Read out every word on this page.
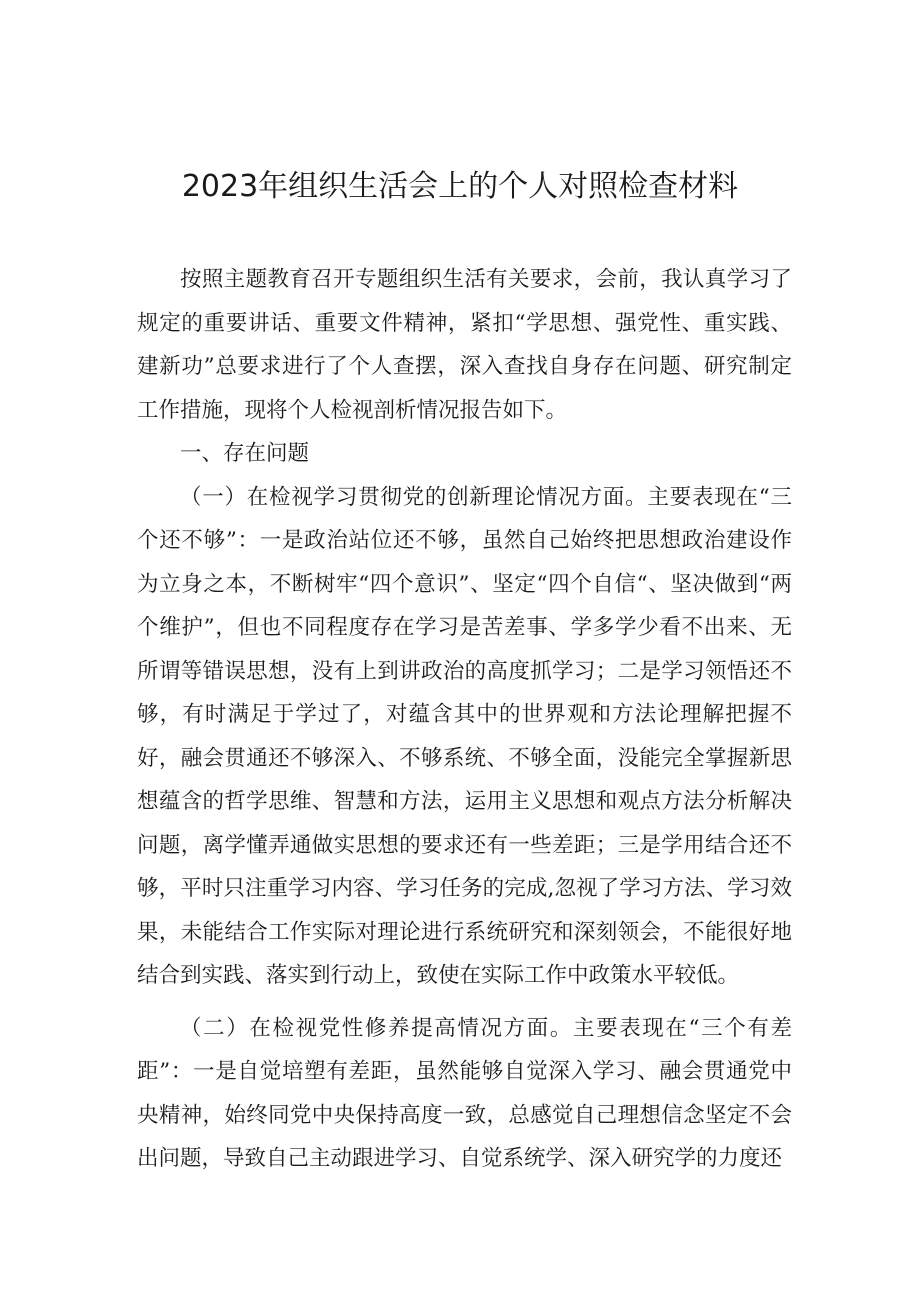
2023年组织生活会上的个人对照检查材料

按照主题教育召开专题组织生活有关要求，会前，我认真学习了规定的重要讲话、重要文件精神，紧扣“学思想、强党性、重实践、建新功”总要求进行了个人查摆，深入查找自身存在问题、研究制定工作措施，现将个人检视剖析情况报告如下。

一、存在问题

（一）在检视学习贯彻党的创新理论情况方面。主要表现在“三个还不够”：一是政治站位还不够，虽然自己始终把思想政治建设作为立身之本，不断树牢“四个意识”、坚定“四个自信“、坚决做到“两个维护”，但也不同程度存在学习是苦差事、学多学少看不出来、无所谓等错误思想，没有上到讲政治的高度抓学习；二是学习领悟还不够，有时满足于学过了，对蕴含其中的世界观和方法论理解把握不好，融会贯通还不够深入、不够系统、不够全面，没能完全掌握新思想蕴含的哲学思维、智慧和方法，运用主义思想和观点方法分析解决问题，离学懂弄通做实思想的要求还有一些差距；三是学用结合还不够，平时只注重学习内容、学习任务的完成,忽视了学习方法、学习效果，未能结合工作实际对理论进行系统研究和深刻领会，不能很好地结合到实践、落实到行动上，致使在实际工作中政策水平较低。

（二）在检视党性修养提高情况方面。主要表现在“三个有差距”：一是自觉培塑有差距，虽然能够自觉深入学习、融会贯通党中央精神，始终同党中央保持高度一致，总感觉自己理想信念坚定不会出问题，导致自己主动跟进学习、自觉系统学、深入研究学的力度还
